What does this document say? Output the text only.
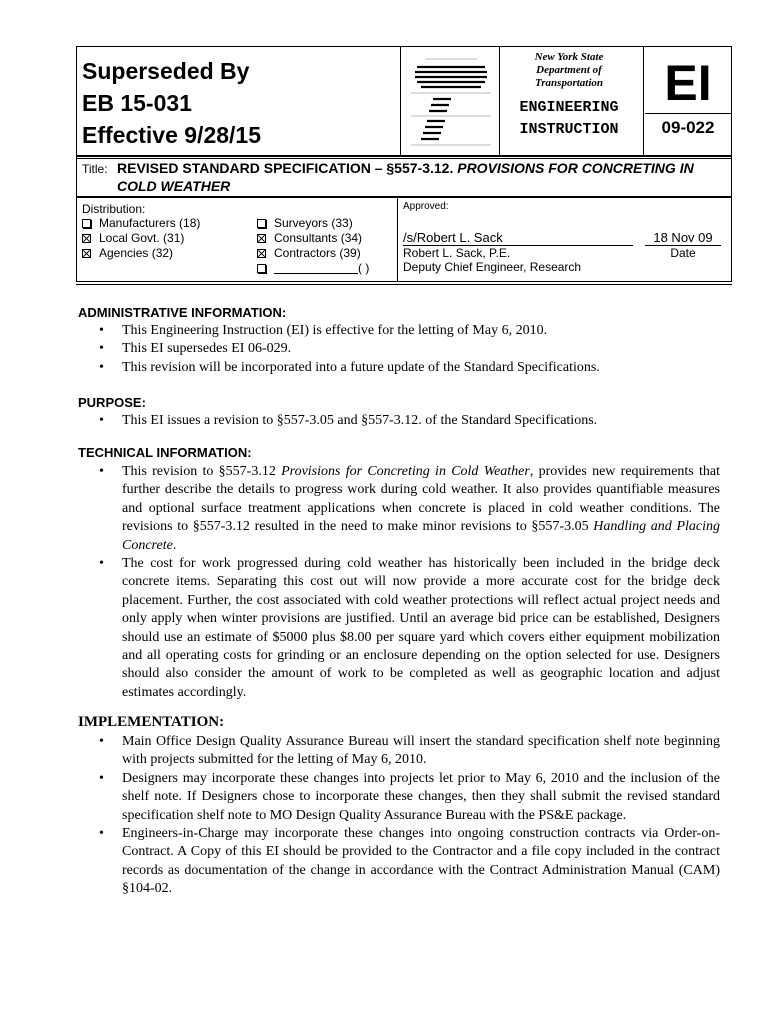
Superseded By
EB 15-031
Effective 9/28/15
New York State
Department of
Transportation
ENGINEERING
INSTRUCTION
EI
09-022
Title: REVISED STANDARD SPECIFICATION – §557-3.12. PROVISIONS FOR CONCRETING IN COLD WEATHER
Distribution:
Manufacturers (18)
Local Govt. (31)
Agencies (32)
Surveyors (33)
Consultants (34)
Contractors (39)
( )
Approved:
/s/Robert L. Sack	18 Nov 09
Robert L. Sack, P.E.	Date
Deputy Chief Engineer, Research
ADMINISTRATIVE INFORMATION:
• This Engineering Instruction (EI) is effective for the letting of May 6, 2010.
• This EI supersedes EI 06-029.
• This revision will be incorporated into a future update of the Standard Specifications.
PURPOSE:
• This EI issues a revision to §557-3.05 and §557-3.12. of the Standard Specifications.
TECHNICAL INFORMATION:
• This revision to §557-3.12 Provisions for Concreting in Cold Weather, provides new requirements that further describe the details to progress work during cold weather. It also provides quantifiable measures and optional surface treatment applications when concrete is placed in cold weather conditions. The revisions to §557-3.12 resulted in the need to make minor revisions to §557-3.05 Handling and Placing Concrete.
• The cost for work progressed during cold weather has historically been included in the bridge deck concrete items. Separating this cost out will now provide a more accurate cost for the bridge deck placement. Further, the cost associated with cold weather protections will reflect actual project needs and only apply when winter provisions are justified. Until an average bid price can be established, Designers should use an estimate of $5000 plus $8.00 per square yard which covers either equipment mobilization and all operating costs for grinding or an enclosure depending on the option selected for use. Designers should also consider the amount of work to be completed as well as geographic location and adjust estimates accordingly.
IMPLEMENTATION:
• Main Office Design Quality Assurance Bureau will insert the standard specification shelf note beginning with projects submitted for the letting of May 6, 2010.
• Designers may incorporate these changes into projects let prior to May 6, 2010 and the inclusion of the shelf note. If Designers chose to incorporate these changes, then they shall submit the revised standard specification shelf note to MO Design Quality Assurance Bureau with the PS&E package.
• Engineers-in-Charge may incorporate these changes into ongoing construction contracts via Order-on-Contract. A Copy of this EI should be provided to the Contractor and a file copy included in the contract records as documentation of the change in accordance with the Contract Administration Manual (CAM) §104-02.
